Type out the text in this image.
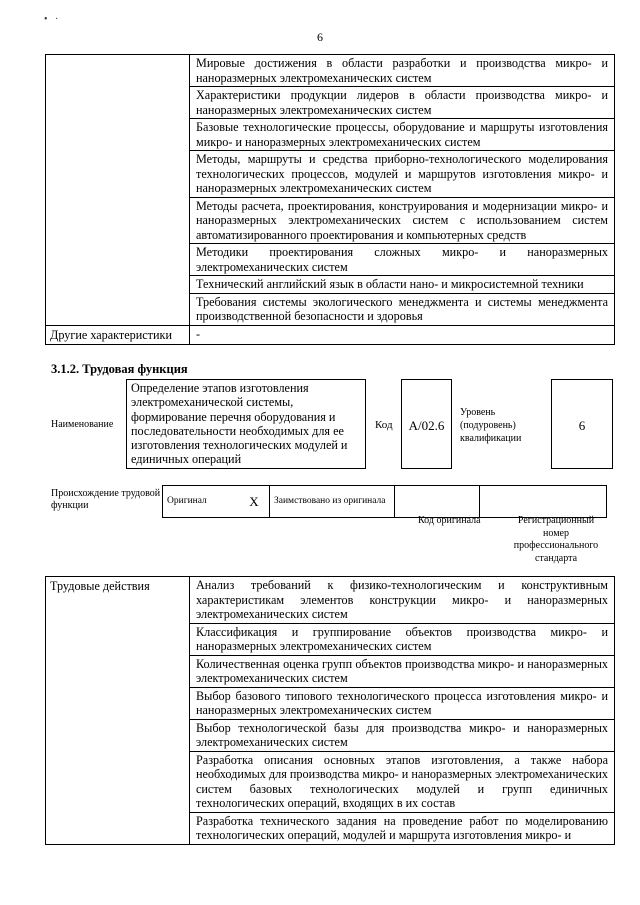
•   ·
6
	Мировые достижения в области разработки и производства микро- и наноразмерных электромеханических систем
	Характеристики продукции лидеров в области производства микро- и наноразмерных электромеханических систем
	Базовые технологические процессы, оборудование и маршруты изготовления микро- и наноразмерных электромеханических систем
	Методы, маршруты и средства приборно-технологического моделирования технологических процессов, модулей и маршрутов изготовления микро- и наноразмерных электромеханических систем
	Методы расчета, проектирования, конструирования и модернизации микро- и наноразмерных электромеханических систем с использованием систем автоматизированного проектирования и компьютерных средств
	Методики проектирования сложных микро- и наноразмерных электромеханических систем
	Технический английский язык в области нано- и микросистемной техники
	Требования системы экологического менеджмента и системы менеджмента производственной безопасности и здоровья
Другие характеристики	-
3.1.2. Трудовая функция
Наименование
Определение этапов изготовления электромеханической системы, формирование перечня оборудования и последовательности необходимых для ее изготовления технологических модулей и единичных операций
Код	A/02.6
Уровень (подуровень) квалификации
6
Происхождение трудовой функции	Оригинал	X	Заимствовано из оригинала		
Код оригинала	Регистрационный номер профессионального стандарта
Трудовые действия	Анализ требований к физико-технологическим и конструктивным характеристикам элементов конструкции микро- и наноразмерных электромеханических систем
Классификация и группирование объектов производства микро- и наноразмерных электромеханических систем
Количественная оценка групп объектов производства микро- и наноразмерных электромеханических систем
Выбор базового типового технологического процесса изготовления микро- и наноразмерных электромеханических систем
Выбор технологической базы для производства микро- и наноразмерных электромеханических систем
Разработка описания основных этапов изготовления, а также набора необходимых для производства микро- и наноразмерных электромеханических систем базовых технологических модулей и групп единичных технологических операций, входящих в их состав
Разработка технического задания на проведение работ по моделированию технологических операций, модулей и маршрута изготовления микро- и
